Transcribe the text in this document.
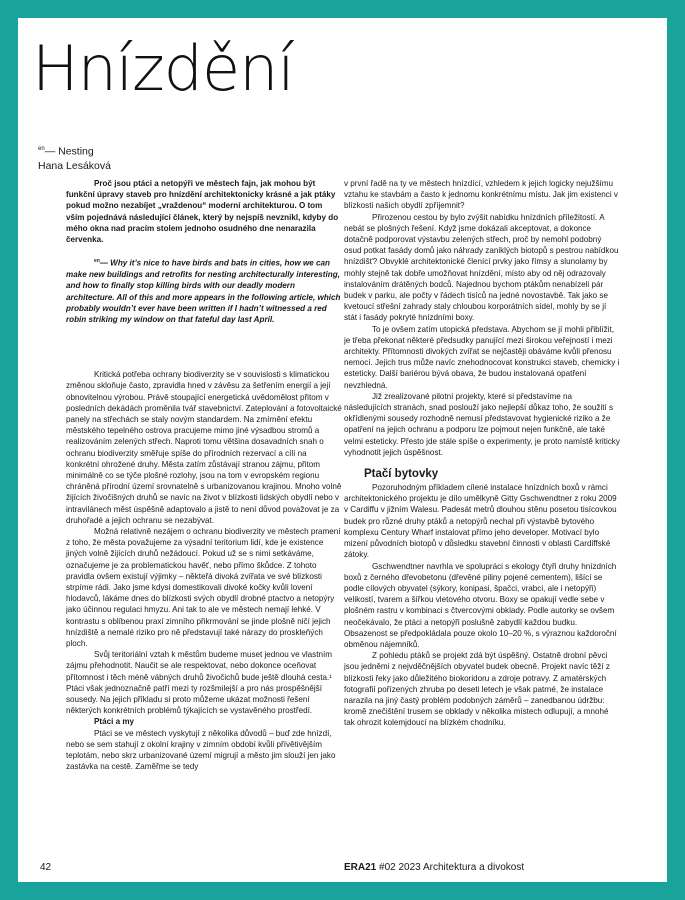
Hnízdění
$^{en}$— Nesting
Hana Lesáková

Proč jsou ptáci a netopýři ve městech fajn, jak mohou být funkční úpravy staveb pro hnízdění architektonicky krásné a jak ptáky pokud možno nezabíjet „vraždenou“ moderní architekturou. O tom vším pojednává následující článek, který by nejspíš nevznikl, kdyby do mého okna nad pracím stolem jednoho osudného dne nenarazila červenka.

$^{en}$— Why it’s nice to have birds and bats in cities, how we can make new buildings and retrofits for nesting architecturally interesting, and how to finally stop killing birds with our deadly modern architecture. All of this and more appears in the following article, which probably wouldn’t ever have been written if I hadn’t witnessed a red robin striking my window on that fateful day last April.

Kritická potřeba ochrany biodiverzity se v souvislosti s klimatickou změnou skloňuje často, zpravidla hned v závěsu za šetřením energií a její obnovitelnou výrobou. Právě stoupající energetická uvědomělost přitom v posledních dekádách proměnila tvář stavebnictví. Zateplování a fotovoltaické panely na střechách se staly novým standardem. Na zmírnění efektu městského tepelného ostrova pracujeme mimo jiné výsadbou stromů a realizováním zelených střech. Naproti tomu většina dosavadních snah o ochranu biodiverzity směřuje spíše do přírodních rezervací a cílí na konkrétní ohrožené druhy. Města zatím zůstávají stranou zájmu, přitom minimálně co se týče plošné rozlohy, jsou na tom v evropském regionu chráněná přírodní území srovnatelně s urbanizovanou krajinou. Mnoho volně žijících živočišných druhů se navíc na život v blízkosti lidských obydlí nebo v intravilánech měst úspěšně adaptovalo a jistě to není důvod považovat je za druhořadé a jejich ochranu se nezabývat.

Možná relativně nezájem o ochranu biodiverzity ve městech pramení z toho, že města považujeme za výsadní teritorium lidí, kde je existence jiných volně žijících druhů nežádoucí. Pokud už se s nimi setkáváme, označujeme je za problematickou havěť, nebo přímo škůdce. Z tohoto pravidla ovšem existují výjimky – někteřá divoká zvířata ve své blízkosti strpíme rádi. Jako jsme kdysi domestikovali divoké kočky kvůli lovení hlodavců, lákáme dnes do blízkosti svých obydlí drobné ptactvo a netopýry jako účinnou regulaci hmyzu. Ani tak to ale ve městech nemají lehké. V kontrastu s oblíbenou praxí zimního přikrmování se jinde plošně ničí jejich hnízdiště a nemalé riziko pro ně představují také nárazy do proskleňých ploch.

Svůj teritoriální vztah k městům budeme muset jednou ve vlastním zájmu přehodnotit. Naučit se ale respektovat, nebo dokonce oceňovat přítomnost i těch méně vábných druhů živočichů bude ještě dlouhá cesta.¹ Ptáci však jednoznačně patří mezi ty rozšmilejší a pro nás prospěšnější sousedy. Na jejich příkladu si proto můžeme ukázat možnosti řešení některých konkrétních problémů týkajících se vystavěného prostředí.

Ptáci a my

Ptáci se ve městech vyskytují z několika důvodů – buď zde hnízdí, nebo se sem stahují z okolní krajiny v zimním období kvůli přívětivějším teplotám, nebo skrz urbanizované území migrují a město jim slouží jen jako zastávka na cestě. Zaměřme se tedy

v první řadě na ty ve městech hnízdící, vzhledem k jejich logicky nejužšímu vztahu ke stavbám a často k jednomu konkrétnímu místu. Jak jim existenci v blízkosti našich obydlí zpříjemnit?

Přirozenou cestou by bylo zvýšit nabídku hnízdních příležitostí. A nebát se plošných řešení. Když jsme dokázali akceptovat, a dokonce dotačně podporovat výstavbu zelených střech, proč by nemohl podobný osud potkat fasády domů jako náhrady zaniklých biotopů s pestrou nabídkou hnízdišť? Obvyklé architektonické členící prvky jako římsy a slunolamy by mohly stejně tak dobře umožňovat hnízdění, místo aby od něj odrazovaly instalováním drátěných bodců. Najednou bychom ptákům nenabízeli pár budek v parku, ale počty v řádech tisíců na jedné novostavbě. Tak jako se kvetoucí střešní zahrady staly chloubou korporátních sídel, mohly by se jí stát i fasády pokryté hnízdními boxy.

To je ovšem zatím utopická představa. Abychom se jí mohli přiblížit, je třeba překonat některé předsudky panující mezi širokou veřejností i mezi architekty. Přítomnosti divokých zvířat se nejčastěji obáváme kvůli přenosu nemocí. Jejich trus může navíc znehodnocovat konstrukci staveb, chemicky i esteticky. Další bariérou bývá obava, že budou instalovaná opatření nevzhledná.

Již zrealizované pilotní projekty, které si představíme na následujících stranách, snad poslouží jako nejlepší důkaz toho, že soužití s okřídlenými sousedy rozhodně nemusí představovat hygienické riziko a že opatření na jejich ochranu a podporu lze pojmout nejen funkčně, ale také velmi esteticky. Přesto jde stále spíše o experimenty, je proto namístě kriticky vyhodnotit jejich úspěšnost.

Ptačí bytovky

Pozoruhodným příkladem cílené instalace hnízdních boxů v rámci architektonického projektu je dílo umělkyně Gitty Gschwendtner z roku 2009 v Cardiffu v jižním Walesu. Padesát metrů dlouhou stěnu posetou tisícovkou budek pro různé druhy ptáků a netopýrů nechal při výstavbě bytového komplexu Century Wharf instalovat přímo jeho developer. Motivací bylo mizení původních biotopů v důsledku stavební činnosti v oblasti Cardiffské zátoky.

Gschwendtner navrhla ve spolupráci s ekology čtyři druhy hnízdních boxů z černého dřevobetonu (dřevěné piliny pojené cementem), lišící se podle cílových obyvatel (sýkory, konipasi, špačci, vrabci, ale i netopýři) velikostí, tvarem a šířkou vletového otvoru. Boxy se opakují vedle sebe v plošném rastru v kombinaci s čtvercovými obklady. Podle autorky se ovšem neočekávalo, že ptáci a netopýři poslušně zabydlí každou budku. Obsazenost se předpokládala pouze okolo 10–20 %, s výraznou každoroční obměnou nájemníků.

Z pohledu ptáků se projekt zdá být úspěšný. Ostatně drobní pěvci jsou jedněmi z nejvděčnějších obyvatel budek obecně. Projekt navíc těží z blízkosti řeky jako důležitého biokoridoru a zdroje potravy. Z amatérských fotografií pořízených zhruba po deseti letech je však patrné, že instalace narazila na jiný častý problém podobných záměrů – zanedbanou údržbu: kromě znečištění trusem se obklady v několika místech odlupují, a mnohé tak ohrozit kolemjdoucí na blízkém chodníku.

42	ERA21 #02 2023 Architektura a divokost
